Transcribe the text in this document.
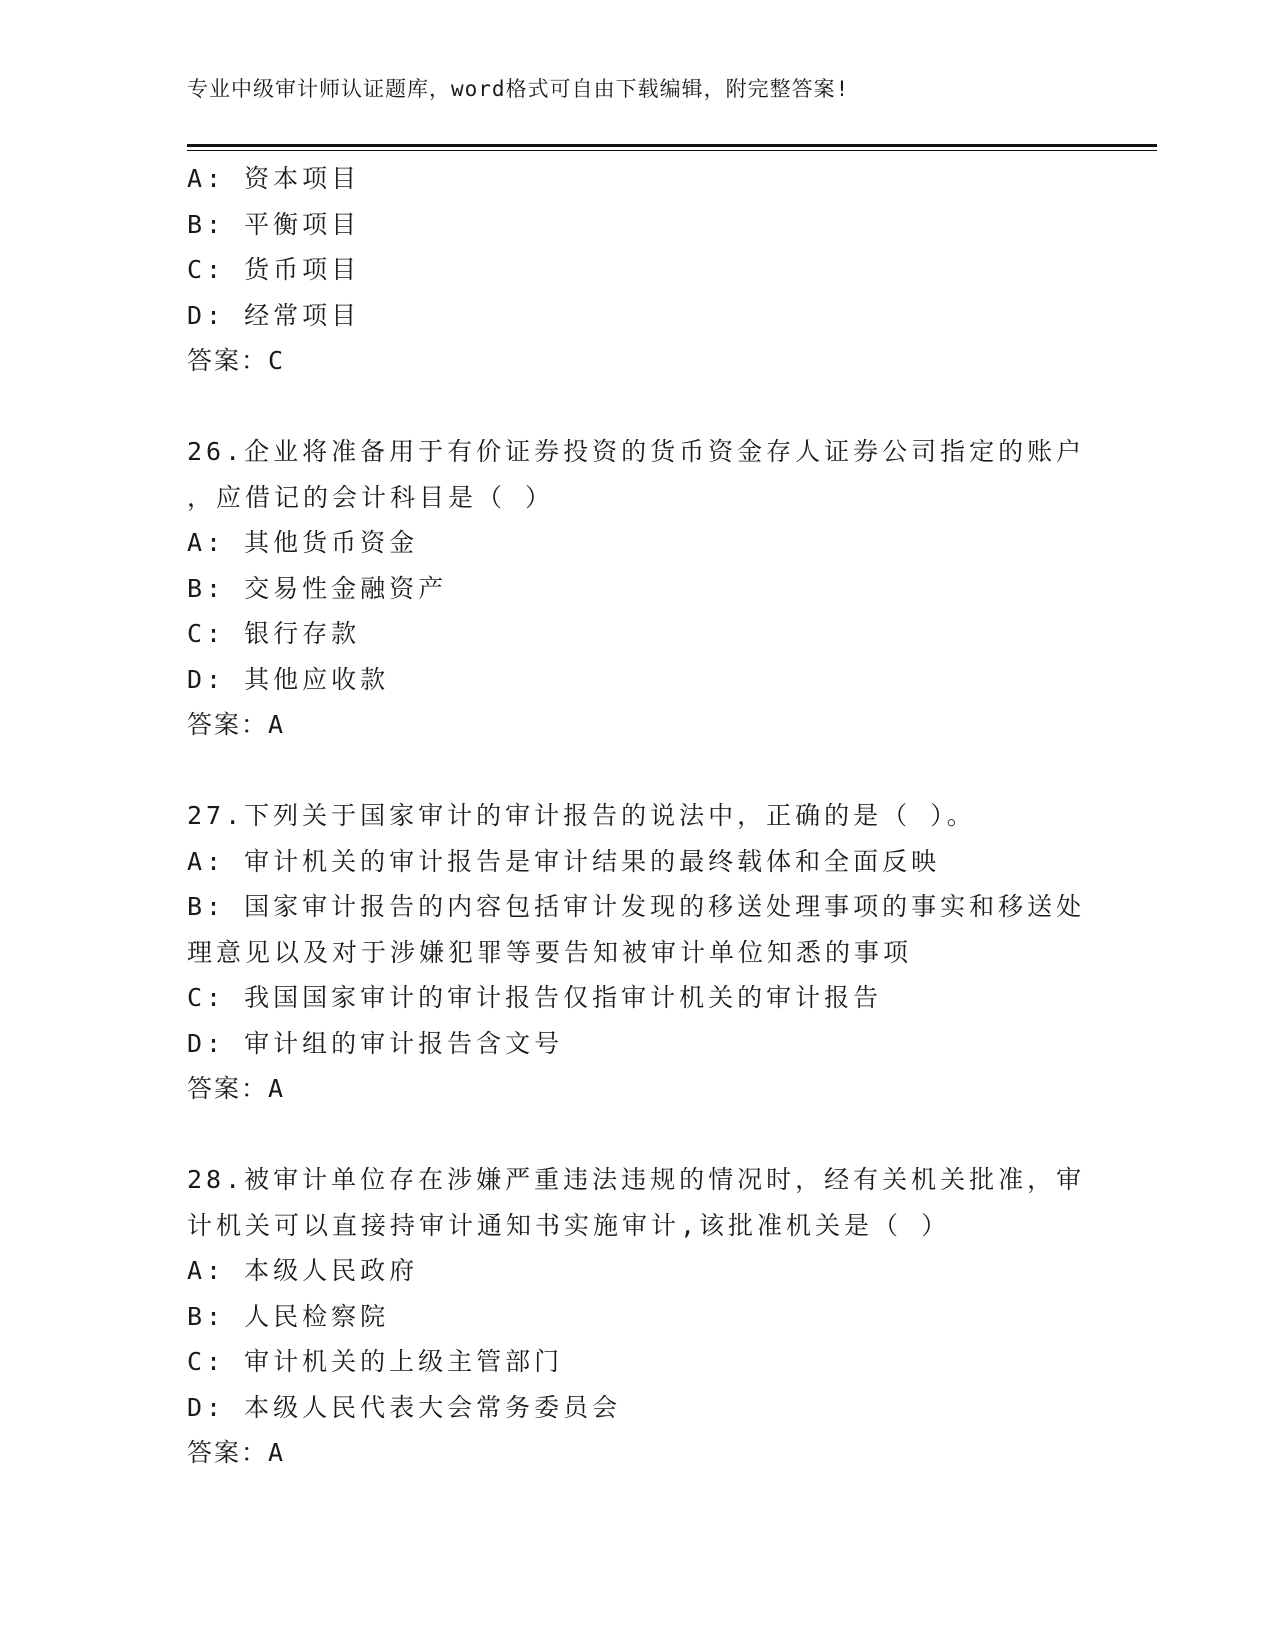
专业中级审计师认证题库，word格式可自由下载编辑，附完整答案!
A: 资本项目
B: 平衡项目
C: 货币项目
D: 经常项目
答案：C
26.企业将准备用于有价证券投资的货币资金存人证券公司指定的账户
，应借记的会计科目是（ ）
A: 其他货币资金
B: 交易性金融资产
C: 银行存款
D: 其他应收款
答案：A
27.下列关于国家审计的审计报告的说法中，正确的是（ ）。
A: 审计机关的审计报告是审计结果的最终载体和全面反映
B: 国家审计报告的内容包括审计发现的移送处理事项的事实和移送处
理意见以及对于涉嫌犯罪等要告知被审计单位知悉的事项
C: 我国国家审计的审计报告仅指审计机关的审计报告
D: 审计组的审计报告含文号
答案：A
28.被审计单位存在涉嫌严重违法违规的情况时，经有关机关批准，审
计机关可以直接持审计通知书实施审计,该批准机关是（ ）
A: 本级人民政府
B: 人民检察院
C: 审计机关的上级主管部门
D: 本级人民代表大会常务委员会
答案：A
